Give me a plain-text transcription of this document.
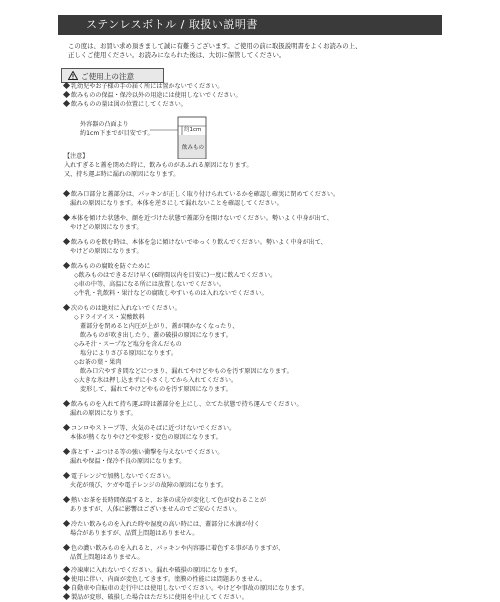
ステンレスボトル / 取扱い説明書
この度は、お買い求め頂きまして誠に有難うございます。ご使用の前に取扱説明書をよくお読みの上、
正しくご使用ください。お読みになられた後は、大切に保管してください。
ご使用上の注意
外容器の凸面より
約1cm下までが目安です。	約1cm
飲みもの
乳幼児やお子様の手の届く所には置かないでください。
飲みものの保温・保冷以外の用途には使用しないでください。
飲みものの量は図の位置にしてください。
【注意】
入れすぎると蓋を閉めた時に、飲みものがあふれる原因になります。
又、持ち運ぶ時に漏れの原因になります。
飲み口部分と蓋部分は、パッキンが正しく取り付けられているかを確認し確実に閉めてください。
漏れの原因になります。本体を逆さにして漏れないことを確認してください。
本体を傾けた状態や、顔を近づけた状態で蓋部分を開けないでください。勢いよく中身が出て、
やけどの原因になります。
飲みものを飲む時は、本体を急に傾けないでゆっくり飲んでください。勢いよく中身が出て、
やけどの原因になります。
飲みものの腐敗を防ぐために
◇飲みものはできるだけ早く(6時間以内を目安に)一度に飲んでください。
◇車の中等、高温になる所には放置しないでください。
◇牛乳・乳飲料・果汁などの腐敗しやすいものは入れないでください。
次のものは絶対に入れないでください。
◇ドライアイス・炭酸飲料
蓋部分を閉めると内圧が上がり、蓋が開かなくなったり、
飲みものが吹き出したり、蓋の破損の原因になります。
◇みそ汁・スープなど塩分を含んだもの
塩分によりさびる原因になります。
◇お茶の葉・果肉
飲み口穴やすき間などにつまり、漏れてやけどやものを汚す原因になります。
◇大きな氷は押し込まずに小さくしてから入れてください。
変形して、漏れてやけどやものを汚す原因になります。
飲みものを入れて持ち運ぶ時は蓋部分を上にし、立てた状態で持ち運んでください。
漏れの原因になります。
コンロやストーブ等、火気のそばに近づけないでください。
本体が熱くなりやけどや変形・変色の原因になります。
落とす・ぶつける等の強い衝撃を与えないでください。
漏れや保温・保冷不良の原因になります。
電子レンジで加熱しないでください。
火花が飛び、ケガや電子レンジの故障の原因になります。
熱いお茶を長時間保温すると、お茶の成分が変化して色が変わることが
ありますが、人体に影響はございませんのでご安心ください。
冷たい飲みものを入れた時や湿度の高い時には、蓋部分に水滴が付く
場合がありますが、品質上問題はありません。
色の濃い飲みものを入れると、パッキンや内容器に着色する事がありますが、
品質上問題はありません。
冷凍庫に入れないでください。漏れや破損の原因になります。
使用に伴い、内面が変色してきます。塗膜の性能には問題ありません。
自動車や自転車の走行中には使用しないでください。やけどや事故の原因になります。
製品が変形、破損した場合はただちに使用を中止してください。
